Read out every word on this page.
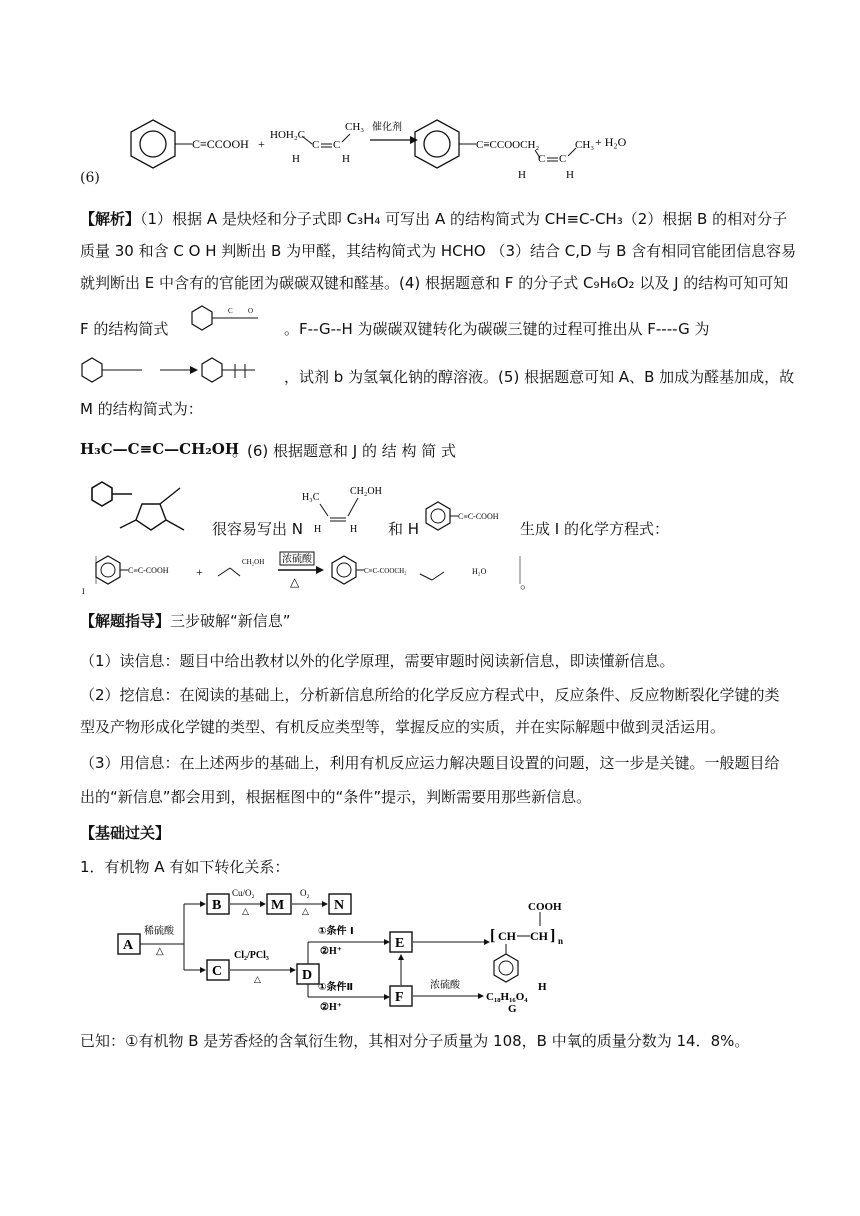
C≡CCOOH +
HOH₂C
C C
CH₃
H	H
催化剂
C≡CCOOCH₂
C C
CH₃
H	H
+ H₂O
(6)
【解析】（1）根据 A 是炔烃和分子式即 C₃H₄ 可写出 A 的结构简式为 CH≡C-CH₃（2）根据 B 的相对分子
质量 30 和含 C O H 判断出 B 为甲醛，其结构简式为 HCHO （3）结合 C,D 与 B 含有相同官能团信息容易
就判断出 E 中含有的官能团为碳碳双键和醛基。(4) 根据题意和 F 的分子式 C₉H₆O₂ 以及 J 的结构可知可知
F 的结构简式
C O
。F--G--H 为碳碳双键转化为碳碳三键的过程可推出从 F----G 为
，试剂 b 为氢氧化钠的醇溶液。(5) 根据题意可知 A、B 加成为醛基加成，故
M 的结构简式为：
H₃C—C≡C—CH₂OH
。(6) 根据题意和 J 的 结 构 简 式
很容易写出 N
H₃C
CH₂OH
H	H 和 H
C≡C-COOH
生成 I 的化学方程式：
C≡C-COOH
I
+
CH₂OH 浓硫酸
△
C≡C-COOCH₂	H₂O
。
【解题指导】三步破解“新信息”
（1）读信息：题目中给出教材以外的化学原理，需要审题时阅读新信息，即读懂新信息。
（2）挖信息：在阅读的基础上，分析新信息所给的化学反应方程式中，反应条件、反应物断裂化学键的类
型及产物形成化学键的类型、有机反应类型等，掌握反应的实质，并在实际解题中做到灵活运用。
（3）用信息：在上述两步的基础上，利用有机反应运力解决题目设置的问题，这一步是关键。一般题目给
出的“新信息”都会用到，根据框图中的“条件”提示，判断需要用那些新信息。
【基础过关】
1．有机物 A 有如下转化关系：
A
稀硫酸
△
B
Cu/O₂
△ M
O₂
△ N
C
Cl₂/PCl₃
△	D
①条件 I
②H⁺
①条件Ⅱ
②H⁺
E
F
浓硫酸
C₁₈H₁₆O₄
G
[ CH CH ] n
COOH
H
已知：①有机物 B 是芳香烃的含氧衍生物，其相对分子质量为 108，B 中氧的质量分数为 14．8%。
